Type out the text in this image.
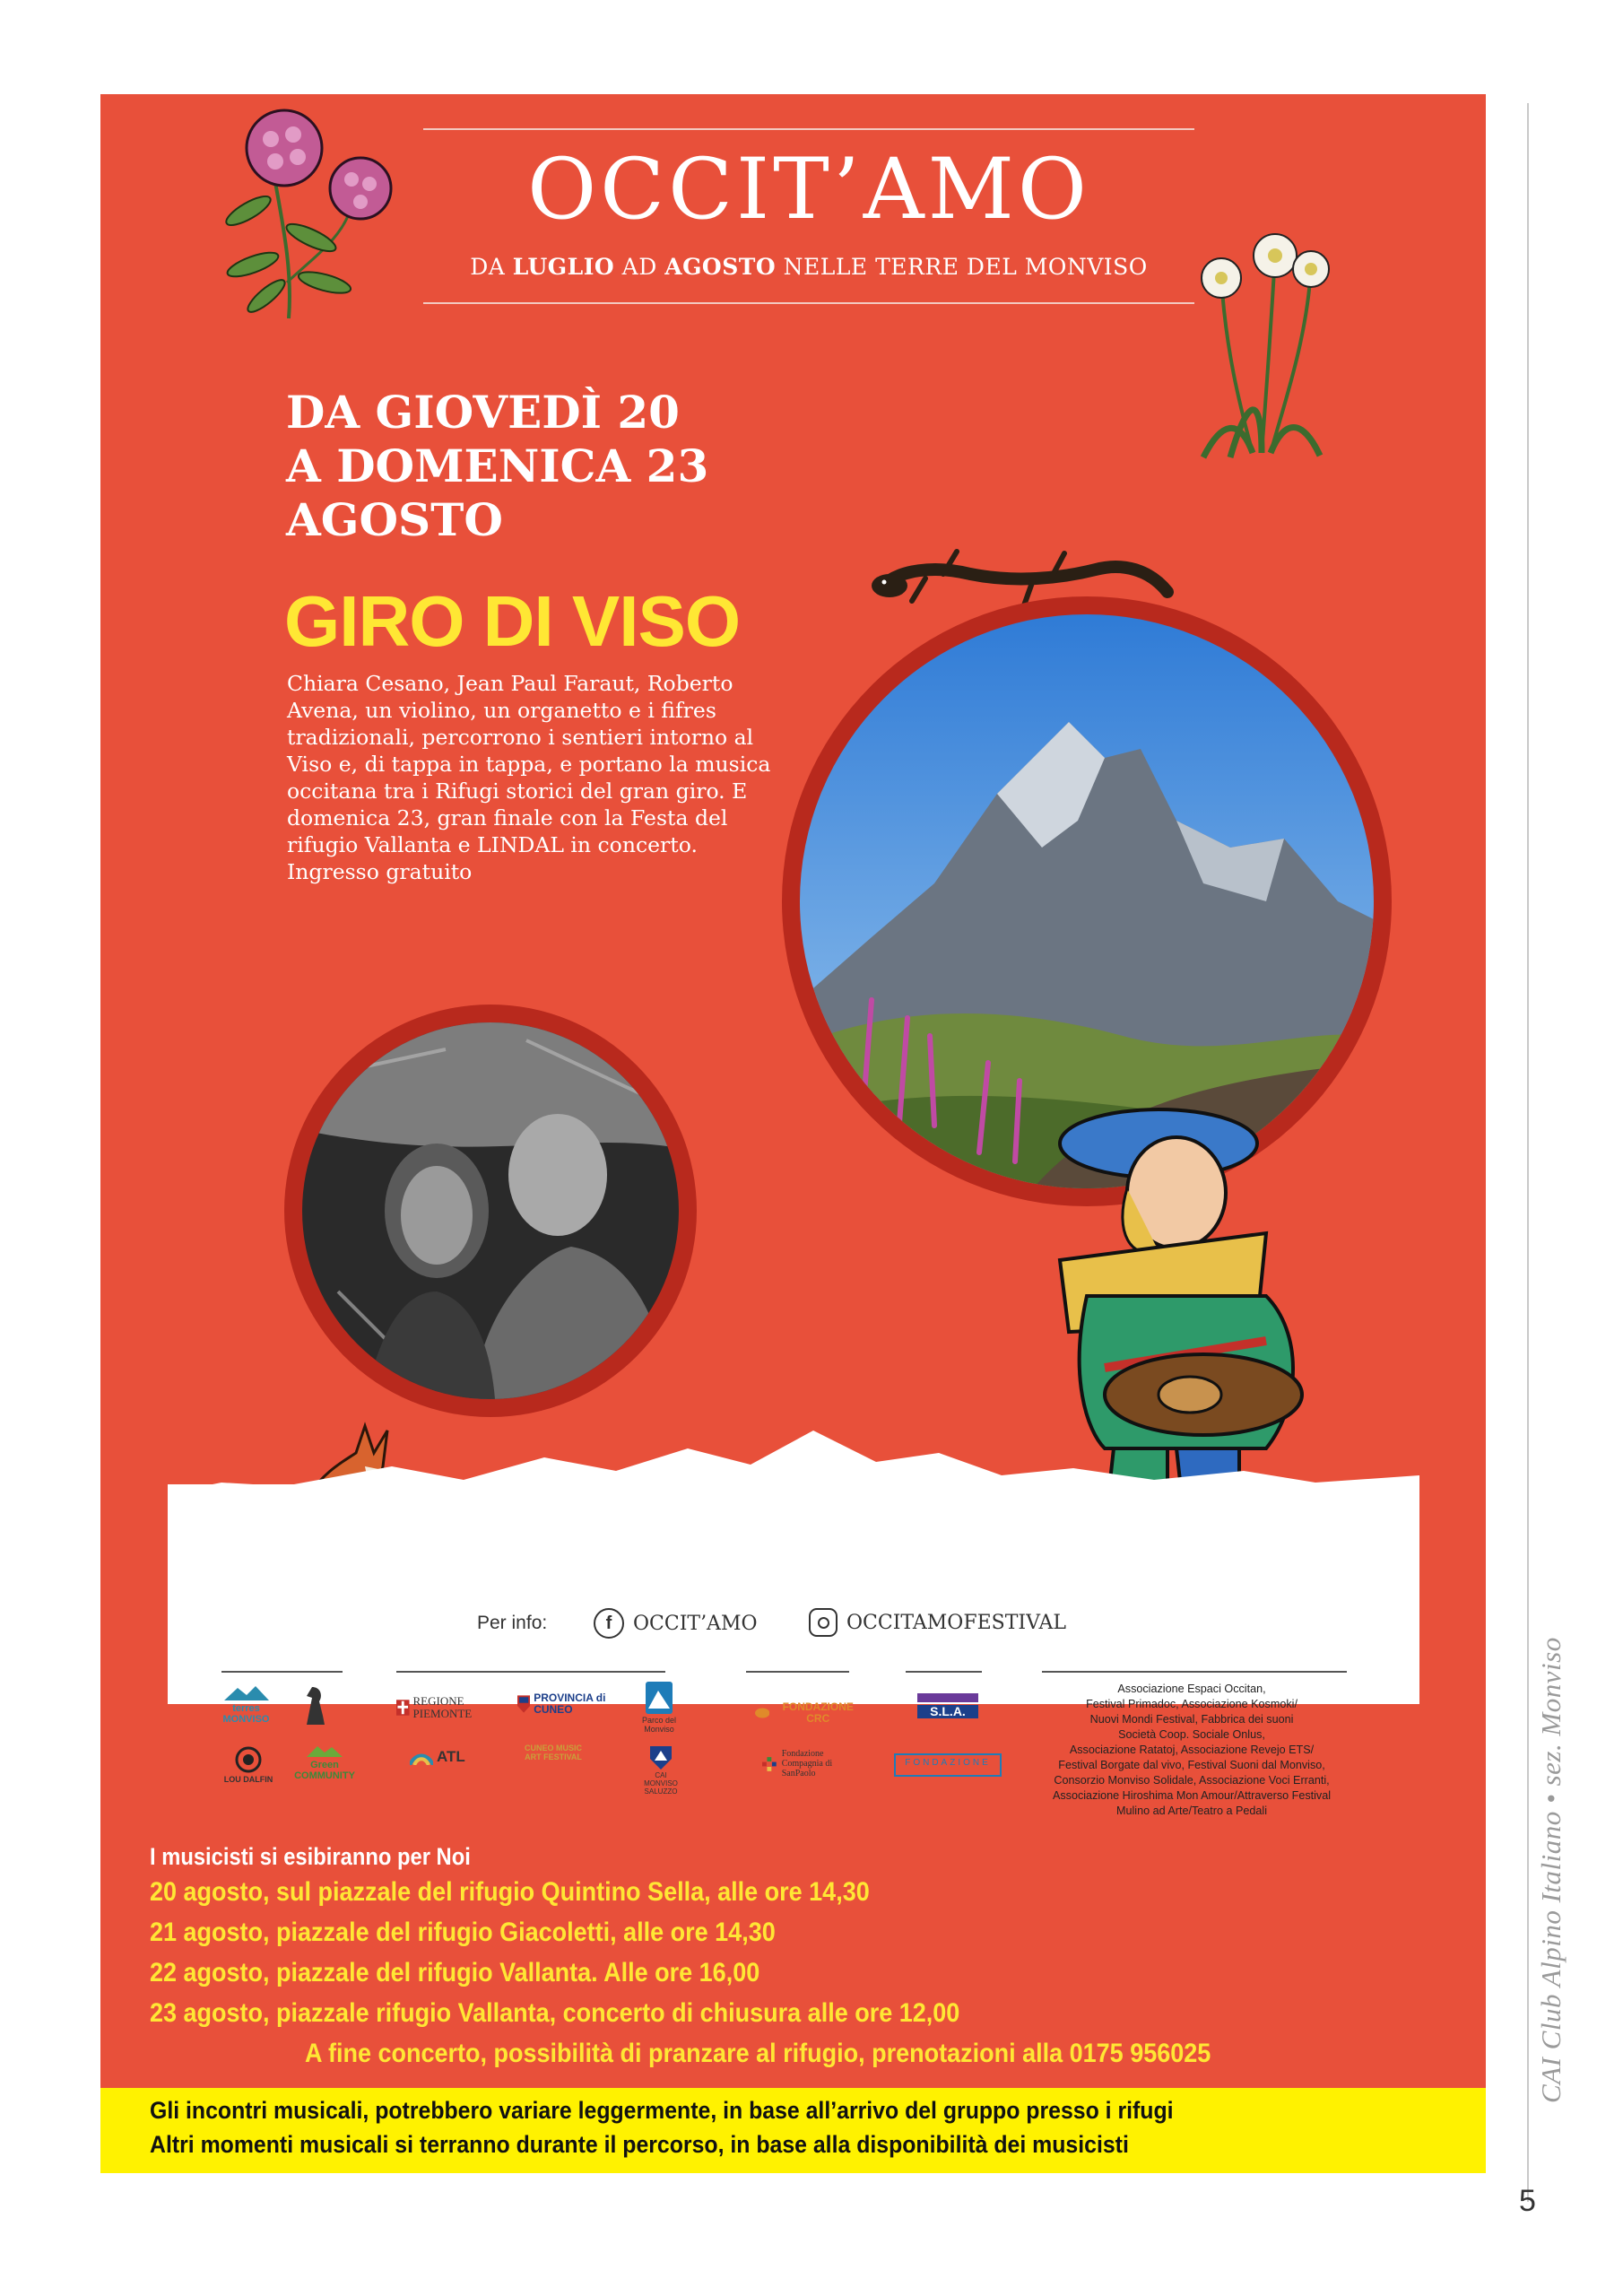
CAI Club Alpino Italiano • sez. Monviso
5
OCCIT’AMO
DA LUGLIO AD AGOSTO NELLE TERRE DEL MONVISO
DA GIOVEDÌ 20
A DOMENICA 23
AGOSTO
GIRO DI VISO
Chiara Cesano, Jean Paul Faraut, Roberto Avena, un violino, un organetto e i fifres tradizionali, percorrono i sentieri intorno al Viso e, di tappa in tappa, e portano la musica occitana tra i Rifugi storici del gran giro. E domenica 23, gran finale con la Festa del rifugio Vallanta e LINDAL in concerto. Ingresso gratuito
Per info:	f	OCCIT’AMO	OCCITAMOFESTIVAL
terres MONVISO
REGIONE PIEMONTE
PROVINCIA di CUNEO
Parco del Monviso
FONDAZIONE CRC
S.L.A.
LOU DALFIN
Green COMMUNITY
ATL	CUNEO MUSIC ART FESTIVAL
CAI MONVISO SALUZZO
Fondazione Compagnia di SanPaolo
FONDAZIONE
Associazione Espaci Occitan,
Festival Primadoc, Associazione Kosmoki/
Nuovi Mondi Festival, Fabbrica dei suoni
Società Coop. Sociale Onlus,
Associazione Ratatoj, Associazione Revejo ETS/
Festival Borgate dal vivo, Festival Suoni dal Monviso,
Consorzio Monviso Solidale, Associazione Voci Erranti,
Associazione Hiroshima Mon Amour/Attraverso Festival
Mulino ad Arte/Teatro a Pedali
I musicisti si esibiranno per Noi
20 agosto, sul piazzale del rifugio Quintino Sella, alle ore 14,30
21 agosto, piazzale del rifugio Giacoletti, alle ore 14,30
22 agosto, piazzale del rifugio Vallanta. Alle ore 16,00
23 agosto, piazzale rifugio Vallanta, concerto di chiusura alle ore 12,00
A fine concerto, possibilità di pranzare al rifugio, prenotazioni alla 0175 956025
Gli incontri musicali, potrebbero variare leggermente, in base all’arrivo del gruppo presso i rifugi
Altri momenti musicali si terranno durante il percorso, in base alla disponibilità dei musicisti
